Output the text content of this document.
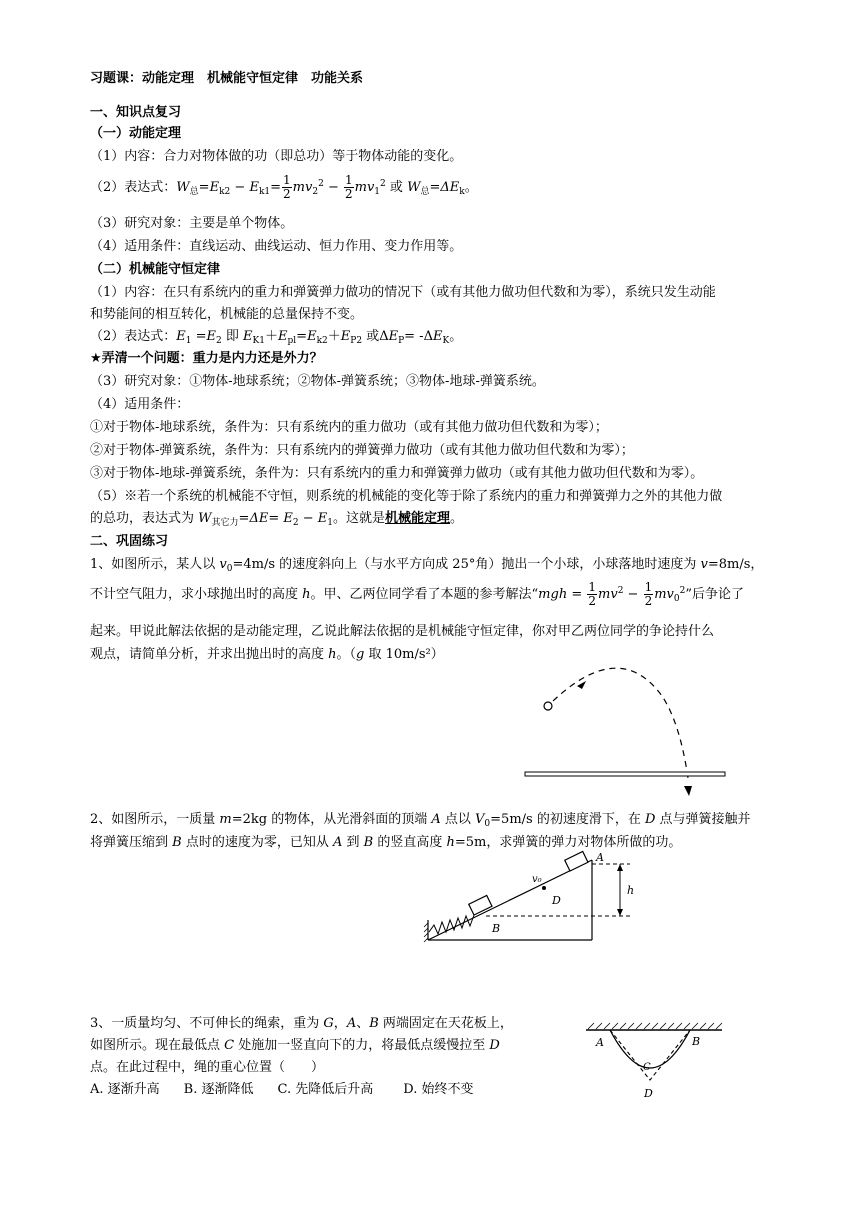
习题课：动能定理　机械能守恒定律　功能关系
一、知识点复习
（一）动能定理
（1）内容：合力对物体做的功（即总功）等于物体动能的变化。
（2）表达式：$W_总=E_{k2} - E_{k1}= \frac{1}{2} mv_2^2 - \frac{1}{2} mv_1^2$ 或 $W_总=\Delta E_k$。
（3）研究对象：主要是单个物体。
（4）适用条件：直线运动、曲线运动、恒力作用、变力作用等。
（二）机械能守恒定律
（1）内容：在只有系统内的重力和弹簧弹力做功的情况下（或有其他力做功但代数和为零），系统只发生动能
和势能间的相互转化，机械能的总量保持不变。
（2）表达式：$E_1 =E_2$ 即 $E_{K1}+E_{pl}=E_{k2}+E_{P2}$ 或$\Delta E_P= -\Delta E_K$。
★弄清一个问题：重力是内力还是外力？
（3）研究对象：①物体-地球系统；②物体-弹簧系统；③物体-地球-弹簧系统。
（4）适用条件：
①对于物体-地球系统，条件为：只有系统内的重力做功（或有其他力做功但代数和为零）；
②对于物体-弹簧系统，条件为：只有系统内的弹簧弹力做功（或有其他力做功但代数和为零）；
③对于物体-地球-弹簧系统，条件为：只有系统内的重力和弹簧弹力做功（或有其他力做功但代数和为零）。
（5）※若一个系统的机械能不守恒，则系统的机械能的变化等于除了系统内的重力和弹簧弹力之外的其他力做
的总功，表达式为 $W_{其它力}=\Delta E= E_2 - E_1$。这就是机械能定理。
二、巩固练习
1、如图所示，某人以 $v_0=4m/s$ 的速度斜向上（与水平方向成 25°角）抛出一个小球，小球落地时速度为 v=8m/s，
不计空气阻力，求小球抛出时的高度 h。甲、乙两位同学看了本题的参考解法“mgh = $\frac{1}{2} mv^2 - \frac{1}{2} mv_0^2$”后争论了
起来。甲说此解法依据的是动能定理，乙说此解法依据的是机械能守恒定律，你对甲乙两位同学的争论持什么
观点，请简单分析，并求出抛出时的高度 h。（g 取 10m/s²）
2、如图所示，一质量 m=2kg 的物体，从光滑斜面的顶端 A 点以 $V_0=5m/s$ 的初速度滑下，在 D 点与弹簧接触并
将弹簧压缩到 B 点时的速度为零，已知从 A 到 B 的竖直高度 h=5m，求弹簧的弹力对物体所做的功。
A
v₀
D
h
B
3、一质量均匀、不可伸长的绳索，重为 G，A、B 两端固定在天花板上，
如图所示。现在最低点 C 处施加一竖直向下的力，将最低点缓慢拉至 D
点。在此过程中，绳的重心位置（　　）
A. 逐渐升高 B. 逐渐降低 C. 先降低后升高 D. 始终不变
A	B
C
D
